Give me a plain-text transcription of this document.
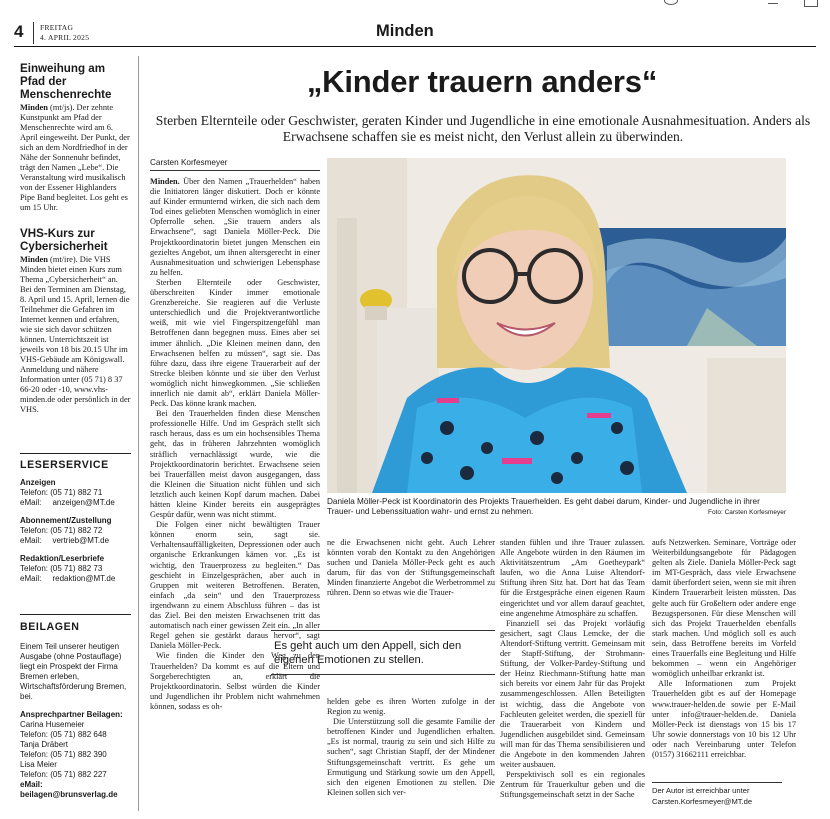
4 FREITAG
4. APRIL 2025	Minden
Einweihung am Pfad der Menschenrechte

Minden (mt/js). Der zehnte Kunstpunkt am Pfad der Menschenrechte wird am 6. April eingeweiht. Der Punkt, der sich an dem Nordfriedhof in der Nähe der Sonnenuhr befindet, trägt den Namen „Lebe“. Die Veranstaltung wird musikalisch von der Essener Highlanders Pipe Band begleitet. Los geht es um 15 Uhr.

VHS-Kurs zur Cybersicherheit

Minden (mt/ire). Die VHS Minden bietet einen Kurs zum Thema „Cybersicherheit“ an. Bei den Terminen am Dienstag, 8. April und 15. April, lernen die Teilnehmer die Gefahren im Internet kennen und erfahren, wie sie sich davor schützen können. Unterrichtszeit ist jeweils von 18 bis 20.15 Uhr im VHS-Gebäude am Königswall. Anmeldung und nähere Information unter (05 71) 8 37 66-20 oder -10, www.vhs-minden.de oder persönlich in der VHS.

LESERSERVICE

Anzeigen
Telefon: (05 71) 882 71
eMail:     anzeigen@MT.de
Abonnement/Zustellung
Telefon: (05 71) 882 72
eMail:     vertrieb@MT.de
Redaktion/Leserbriefe
Telefon: (05 71) 882 73
eMail:     redaktion@MT.de

BEILAGEN

Einem Teil unserer heutigen Ausgabe (ohne Postauflage) liegt ein Prospekt der Firma Bremen erleben, Wirtschaftsförderung Bremen, bei.
Ansprechpartner Beilagen:
Carina Husemeier
Telefon: (05 71) 882 648
Tanja Dräbert
Telefon: (05 71) 882 390
Lisa Meier
Telefon: (05 71) 882 227
eMail:
beilagen@brunsverlag.de
„Kinder trauern anders“
Sterben Elternteile oder Geschwister, geraten Kinder und Jugendliche in eine emotionale Ausnahmesituation. Anders als Erwachsene schaffen sie es meist nicht, den Verlust allein zu überwinden.
Carsten Korfesmeyer
Daniela Möller-Peck ist Koordinatorin des Projekts Trauerhelden. Es geht dabei darum, Kinder- und Jugendliche in ihrer Trauer- und Lebenssituation wahr- und ernst zu nehmen.	Foto: Carsten Korfesmeyer

Minden. Über den Namen „Trauerhelden“ haben die Initiatoren länger diskutiert. Doch er könnte auf Kinder ermunternd wirken, die sich nach dem Tod eines geliebten Menschen womöglich in einer Opferrolle sehen. „Sie trauern anders als Erwachsene“, sagt Daniela Möller-Peck. Die Projektkoordinatorin bietet jungen Menschen ein gezieltes Angebot, um ihnen altersgerecht in einer Ausnahmesituation und schwierigen Lebensphase zu helfen.

Sterben Elternteile oder Geschwister, überschreiten Kinder immer emotionale Grenzbereiche. Sie reagieren auf die Verluste unterschiedlich und die Projektverantwortliche weiß, mit wie viel Fingerspitzengefühl man Betroffenen dann begegnen muss. Eines aber sei immer ähnlich. „Die Kleinen meinen dann, den Erwachsenen helfen zu müssen“, sagt sie. Das führe dazu, dass ihre eigene Trauerarbeit auf der Strecke bleiben könnte und sie über den Verlust womöglich nicht hinwegkommen. „Sie schließen innerlich nie damit ab“, erklärt Daniela Möller-Peck. Das könne krank machen.

Bei den Trauerhelden finden diese Menschen professionelle Hilfe. Und im Gespräch stellt sich rasch heraus, dass es um ein hochsensibles Thema geht, das in früheren Jahrzehnten womöglich sträflich vernachlässigt wurde, wie die Projektkoordinatorin berichtet. Erwachsene seien bei Trauerfällen meist davon ausgegangen, dass die Kleinen die Situation nicht fühlen und sich letztlich auch keinen Kopf darum machen. Dabei hätten kleine Kinder bereits ein ausgeprägtes Gespür dafür, wenn was nicht stimmt.

Die Folgen einer nicht bewältigten Trauer können enorm sein, sagt sie. Verhaltensauffälligkeiten, Depressionen oder auch organische Erkrankungen kämen vor. „Es ist wichtig, den Trauerprozess zu begleiten.“ Das geschieht in Einzelgesprächen, aber auch in Gruppen mit weiteren Betroffenen. Beraten, einfach „da sein“ und den Trauerprozess irgendwann zu einem Abschluss führen – das ist das Ziel. Bei den meisten Erwachsenen tritt das automatisch nach einer gewissen Zeit ein. „In aller Regel gehen sie gestärkt daraus hervor“, sagt Daniela Möller-Peck.

Wie finden die Kinder den Weg zu den Trauerhelden? Da kommt es auf die Eltern und Sorgeberechtigten an, erklärt die Projektkoordinatorin. Selbst würden die Kinder und Jugendlichen ihr Problem nicht wahrnehmen können, sodass es oh-

ne die Erwachsenen nicht geht. Auch Lehrer könnten vorab den Kontakt zu den Angehörigen suchen und Daniela Möller-Peck geht es auch darum, für das von der Stiftungsgemeinschaft Minden finanzierte Angebot die Werbetrommel zu rühren. Denn so etwas wie die Trauer-

Es geht auch um den Appell, sich den eigenen Emotionen zu stellen.

helden gebe es ihren Worten zufolge in der Region zu wenig.

Die Unterstützung soll die gesamte Familie der betroffenen Kinder und Jugendlichen erhalten. „Es ist normal, traurig zu sein und sich Hilfe zu suchen“, sagt Christian Stapff, der der Mindener Stiftungsgemeinschaft vertritt. Es gehe um Ermutigung und Stärkung sowie um den Appell, sich den eigenen Emotionen zu stellen. Die Kleinen sollen sich ver-

standen fühlen und ihre Trauer zulassen. Alle Angebote würden in den Räumen im Aktivitätszentrum „Am Goetheypark“ laufen, wo die Anna Luise Altendorf-Stiftung ihren Sitz hat. Dort hat das Team für die Erstgespräche einen eigenen Raum eingerichtet und vor allem darauf geachtet, eine angenehme Atmosphäre zu schaffen.

Finanziell sei das Projekt vorläufig gesichert, sagt Claus Lemcke, der die Altendorf-Stiftung vertritt. Gemeinsam mit der Stapff-Stiftung, der Strohmann-Stiftung, der Volker-Pardey-Stiftung und der Heinz Riechmann-Stiftung hatte man sich bereits vor einem Jahr für das Projekt zusammengeschlossen. Allen Beteiligten ist wichtig, dass die Angebote von Fachleuten geleitet werden, die speziell für die Trauerarbeit von Kindern und Jugendlichen ausgebildet sind. Gemeinsam will man für das Thema sensibilisieren und die Angebote in den kommenden Jahren weiter ausbauen.

Perspektivisch soll es ein regionales Zentrum für Trauerkultur geben und die Stiftungsgemeinschaft setzt in der Sache

aufs Netzwerken. Seminare, Vorträge oder Weiterbildungsangebote für Pädagogen gelten als Ziele. Daniela Möller-Peck sagt im MT-Gespräch, dass viele Erwachsene damit überfordert seien, wenn sie mit ihren Kindern Trauerarbeit leisten müssten. Das gelte auch für Großeltern oder andere enge Bezugspersonen. Für diese Menschen will sich das Projekt Trauerhelden ebenfalls stark machen. Und möglich soll es auch sein, dass Betroffene bereits im Vorfeld eines Trauerfalls eine Begleitung und Hilfe bekommen – wenn ein Angehöriger womöglich unheilbar erkrankt ist.

Alle Informationen zum Projekt Trauerhelden gibt es auf der Homepage www.trauer-helden.de sowie per E-Mail unter info@trauer-helden.de. Daniela Möller-Peck ist dienstags von 15 bis 17 Uhr sowie donnerstags von 10 bis 12 Uhr oder nach Vereinbarung unter Telefon (0157) 31662111 erreichbar.

Der Autor ist erreichbar unter
Carsten.Korfesmeyer@MT.de
